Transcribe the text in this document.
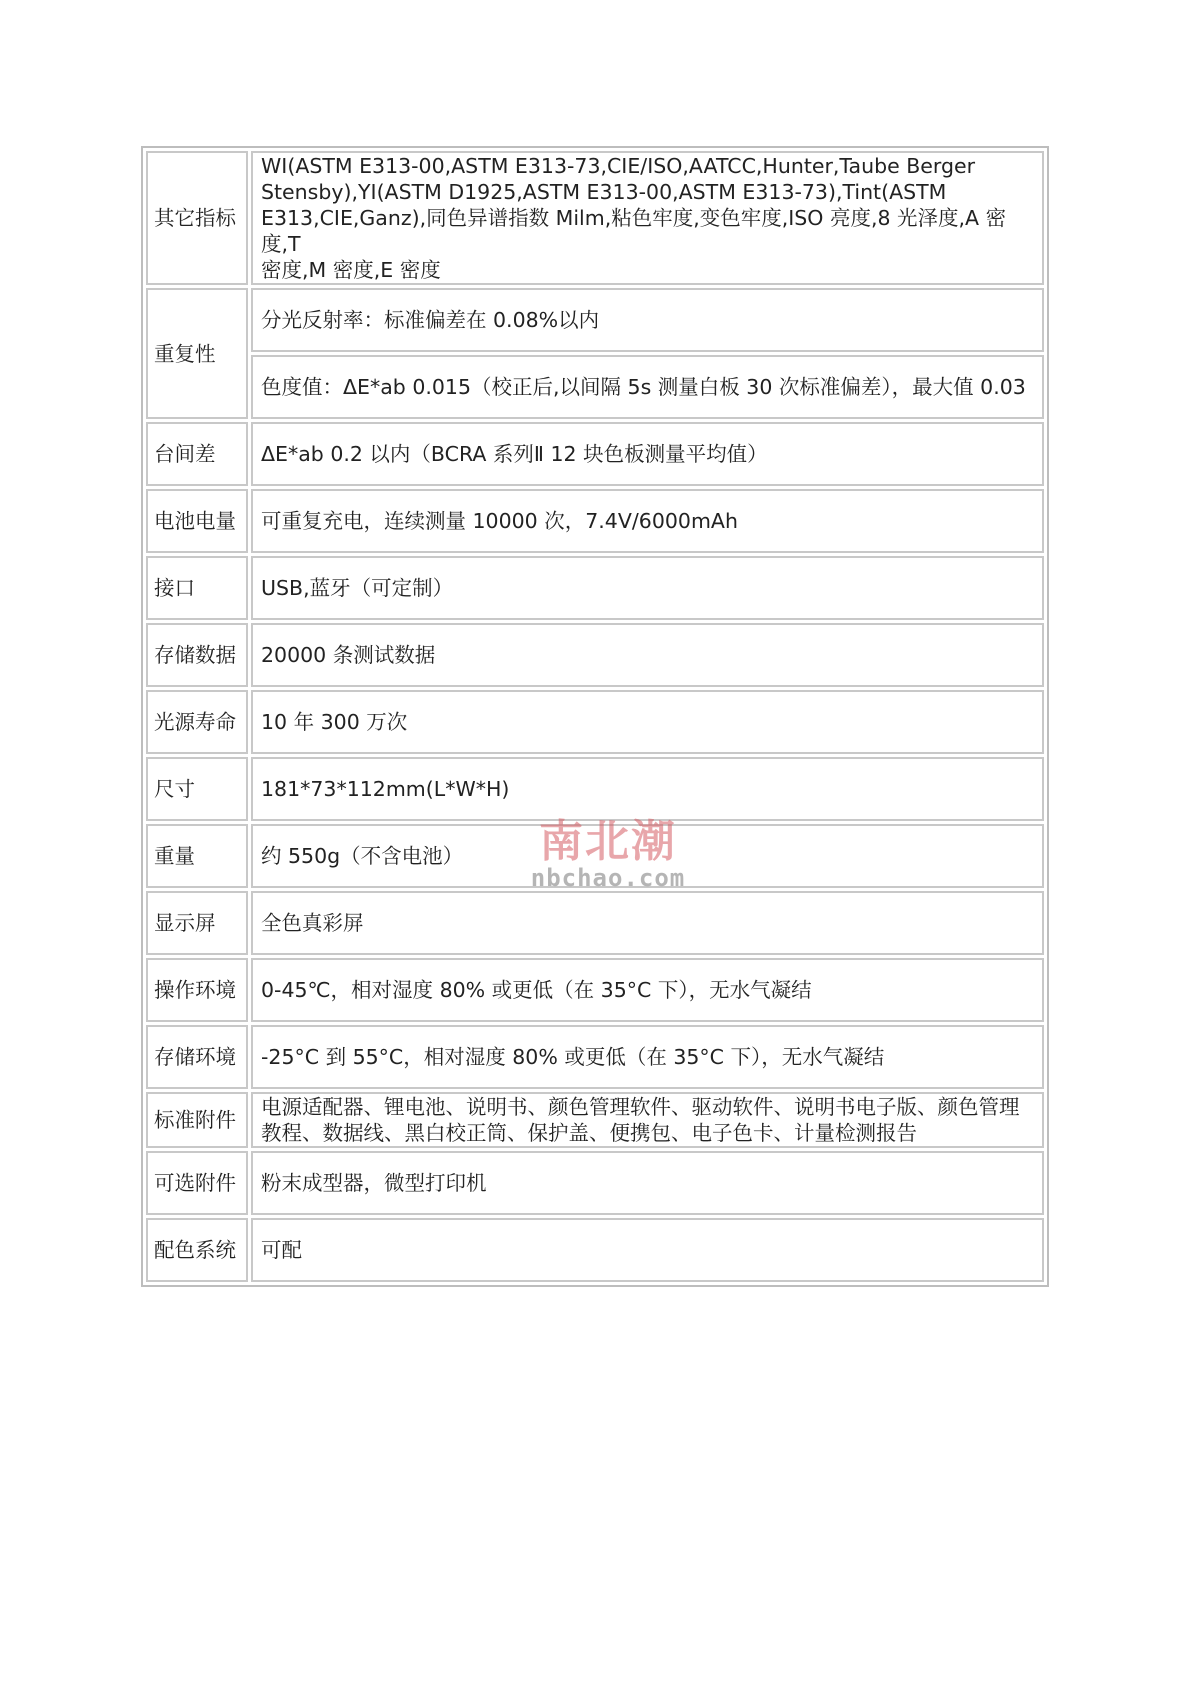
其它指标	WI(ASTM E313-00,ASTM E313-73,CIE/ISO,AATCC,Hunter,Taube Berger
Stensby),YI(ASTM D1925,ASTM E313-00,ASTM E313-73),Tint(ASTM
E313,CIE,Ganz),同色异谱指数 Milm,粘色牢度,变色牢度,ISO 亮度,8 光泽度,A 密度,T
密度,M 密度,E 密度

重复性	分光反射率：标准偏差在 0.08%以内
	色度值：ΔE*ab 0.015（校正后,以间隔 5s 测量白板 30 次标准偏差），最大值 0.03
台间差	ΔE*ab 0.2 以内（BCRA 系列Ⅱ 12 块色板测量平均值）
电池电量	可重复充电，连续测量 10000 次，7.4V/6000mAh
接口	USB,蓝牙（可定制）
存储数据	20000 条测试数据
光源寿命	10 年 300 万次
尺寸	181*73*112mm(L*W*H)
重量	约 550g（不含电池）
显示屏	全色真彩屏
操作环境	0-45℃，相对湿度 80% 或更低（在 35°C 下），无水气凝结
存储环境	-25°C 到 55°C，相对湿度 80% 或更低（在 35°C 下），无水气凝结
标准附件	电源适配器、锂电池、说明书、颜色管理软件、驱动软件、说明书电子版、颜色管理
教程、数据线、黑白校正筒、保护盖、便携包、电子色卡、计量检测报告

可选附件	粉末成型器，微型打印机
配色系统	可配
南北潮
nbchao.com
